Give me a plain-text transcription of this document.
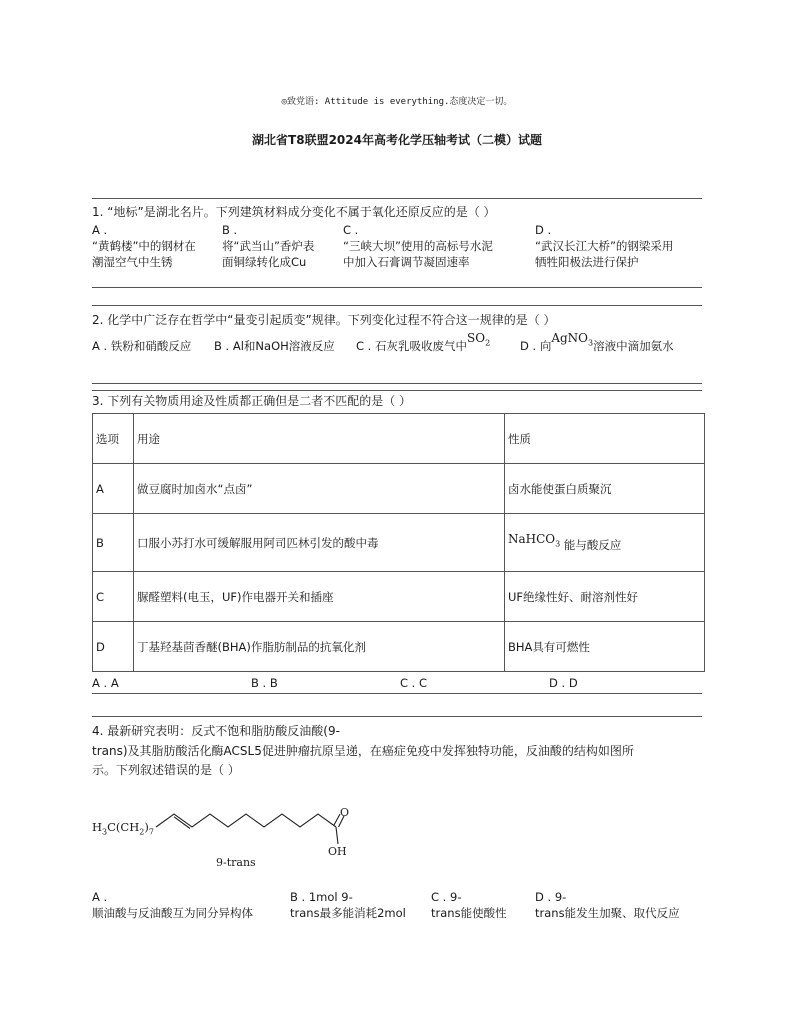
◎致党语: Attitude is everything.态度决定一切。
湖北省T8联盟2024年高考化学压轴考试（二模）试题
1. “地标”是湖北名片。下列建筑材料成分变化不属于氧化还原反应的是（ ）
A .
“黄鹤楼”中的钢材在
潮湿空气中生锈
B .
将“武当山”香炉表
面铜绿转化成Cu
C .
“三峡大坝”使用的高标号水泥
中加入石膏调节凝固速率
D .
“武汉长江大桥”的钢梁采用
牺牲阳极法进行保护
2. 化学中广泛存在哲学中“量变引起质变”规律。下列变化过程不符合这一规律的是（ ）
A . 铁粉和硝酸反应 B . Al和NaOH溶液反应 C . 石灰乳吸收废气中$SO_2$	D . 向AgNO$_3$溶液中滴加氨水
3. 下列有关物质用途及性质都正确但是二者不匹配的是（ ）
选项	用途	性质
A	做豆腐时加卤水“点卤”	卤水能使蛋白质聚沉
B	口服小苏打水可缓解服用阿司匹林引发的酸中毒	NaHCO$_3$ 能与酸反应
C	脲醛塑料(电玉，UF)作电器开关和插座	UF绝缘性好、耐溶剂性好
D	丁基羟基茴香醚(BHA)作脂肪制品的抗氧化剂	BHA具有可燃性
A . A	B . B	C . C	D . D
4. 最新研究表明：反式不饱和脂肪酸反油酸(9-
trans)及其脂肪酸活化酶ACSL5促进肿瘤抗原呈递，在癌症免疫中发挥独特功能，反油酸的结构如图所
示。下列叙述错误的是（ ）
$H_3C(CH_2)_7$
O
OH
9-trans
A .
顺油酸与反油酸互为同分异构体
B . 1mol 9-
trans最多能消耗2mol
C . 9-
trans能使酸性
D . 9-
trans能发生加聚、取代反应
